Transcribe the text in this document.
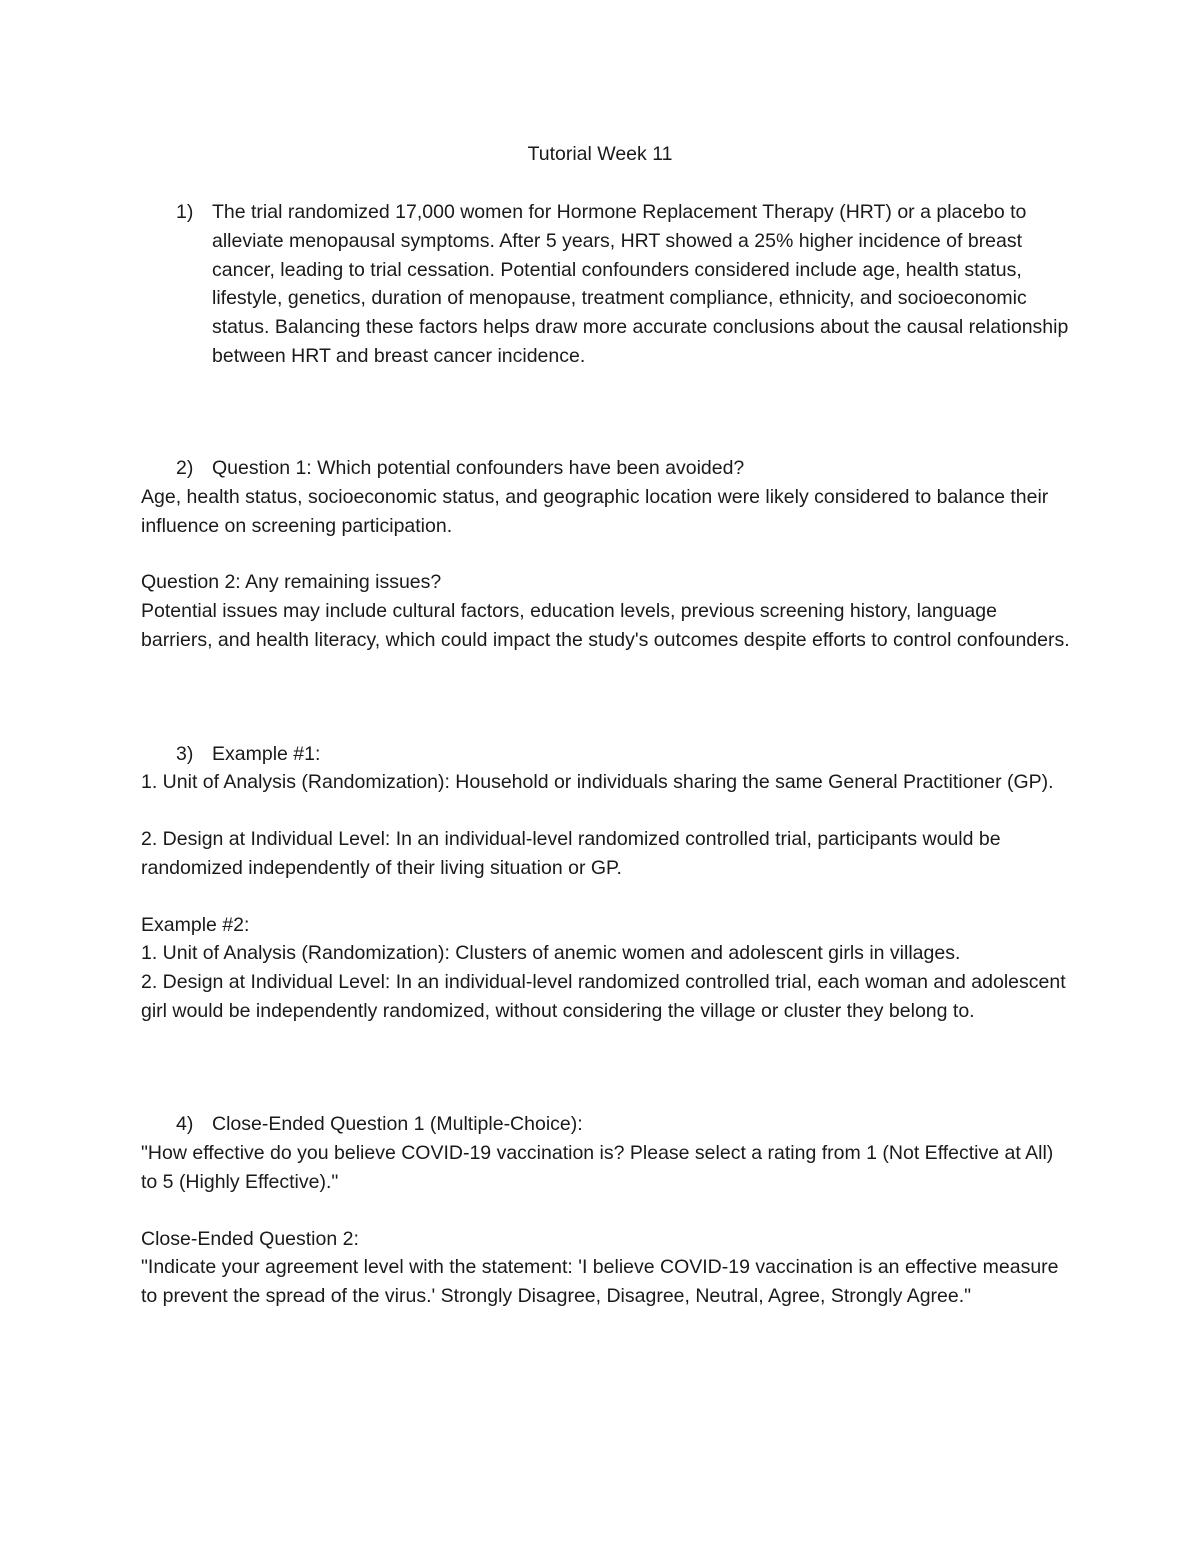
Tutorial Week 11
1) The trial randomized 17,000 women for Hormone Replacement Therapy (HRT) or a placebo to alleviate menopausal symptoms. After 5 years, HRT showed a 25% higher incidence of breast cancer, leading to trial cessation. Potential confounders considered include age, health status, lifestyle, genetics, duration of menopause, treatment compliance, ethnicity, and socioeconomic status. Balancing these factors helps draw more accurate conclusions about the causal relationship between HRT and breast cancer incidence.

2) Question 1: Which potential confounders have been avoided?

Age, health status, socioeconomic status, and geographic location were likely considered to balance their influence on screening participation.

Question 2: Any remaining issues?

Potential issues may include cultural factors, education levels, previous screening history, language barriers, and health literacy, which could impact the study's outcomes despite efforts to control confounders.

3) Example #1:

1. Unit of Analysis (Randomization): Household or individuals sharing the same General Practitioner (GP).

2. Design at Individual Level: In an individual-level randomized controlled trial, participants would be randomized independently of their living situation or GP.

Example #2:

1. Unit of Analysis (Randomization): Clusters of anemic women and adolescent girls in villages.

2. Design at Individual Level: In an individual-level randomized controlled trial, each woman and adolescent girl would be independently randomized, without considering the village or cluster they belong to.

4) Close-Ended Question 1 (Multiple-Choice):

"How effective do you believe COVID-19 vaccination is? Please select a rating from 1 (Not Effective at All) to 5 (Highly Effective)."

Close-Ended Question 2:

"Indicate your agreement level with the statement: 'I believe COVID-19 vaccination is an effective measure to prevent the spread of the virus.' Strongly Disagree, Disagree, Neutral, Agree, Strongly Agree."
